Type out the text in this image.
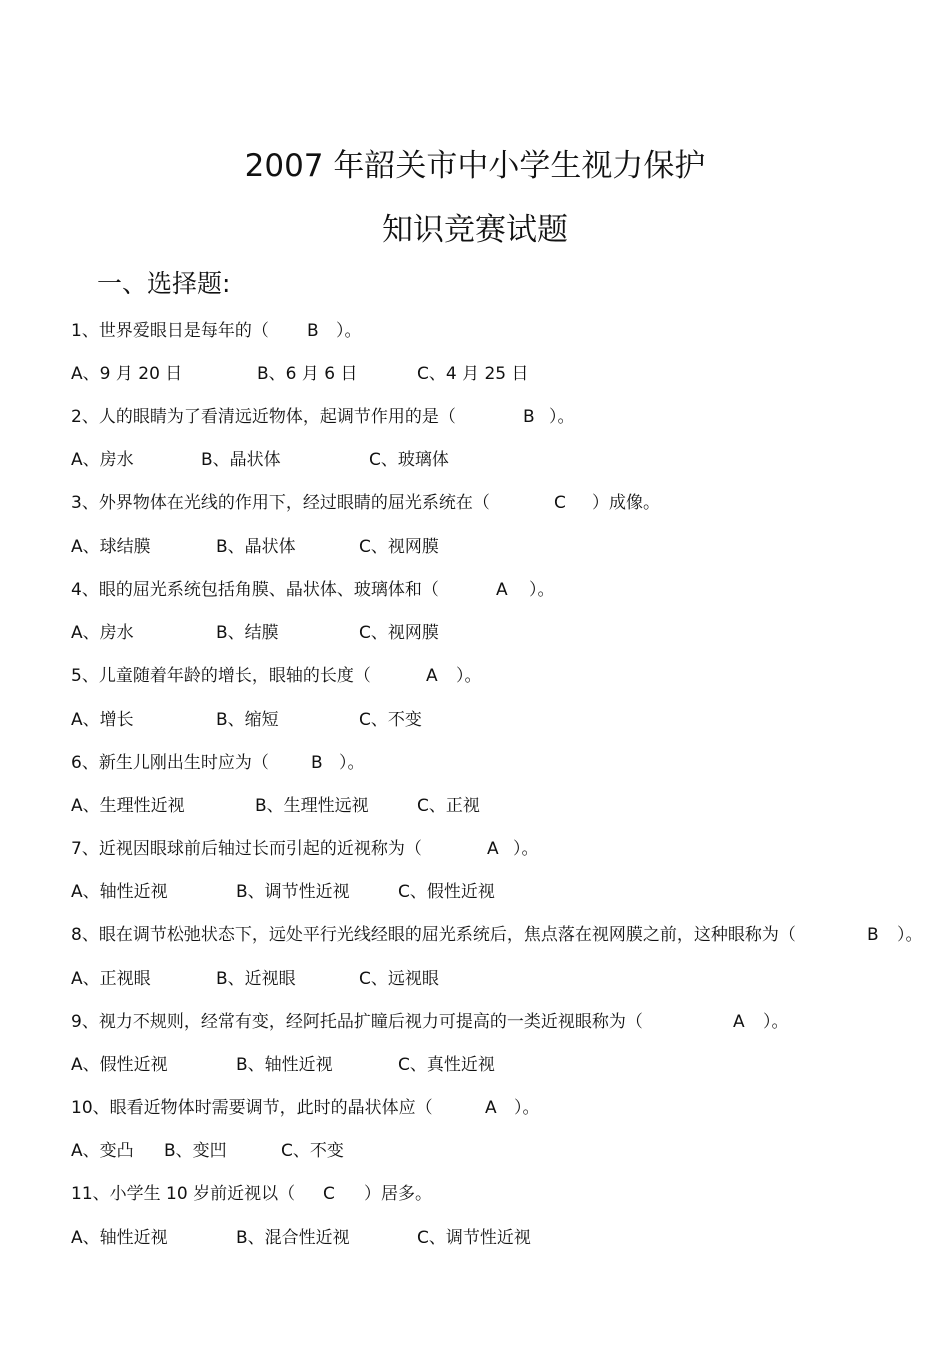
2007 年韶关市中小学生视力保护
知识竞赛试题
一、选择题:
1、世界爱眼日是每年的（ B ）。
A、9 月 20 日	B、6 月 6 日	C、4 月 25 日
2、人的眼睛为了看清远近物体，起调节作用的是（	B ）。
A、房水	B、晶状体	C、玻璃体
3、外界物体在光线的作用下，经过眼睛的屈光系统在（	C ）成像。
A、球结膜	B、晶状体	C、视网膜
4、眼的屈光系统包括角膜、晶状体、玻璃体和（	A ）。
A、房水	B、结膜	C、视网膜
5、儿童随着年龄的增长，眼轴的长度（	A ）。
A、增长	B、缩短	C、不变
6、新生儿刚出生时应为（ B ）。
A、生理性近视	B、生理性远视	C、正视
7、近视因眼球前后轴过长而引起的近视称为（	A ）。
A、轴性近视	B、调节性近视	C、假性近视
8、眼在调节松弛状态下，远处平行光线经眼的屈光系统后，焦点落在视网膜之前，这种眼称为（	B ）。
A、正视眼	B、近视眼	C、远视眼
9、视力不规则，经常有变，经阿托品扩瞳后视力可提高的一类近视眼称为（	A ）。
A、假性近视	B、轴性近视	C、真性近视
10、眼看近物体时需要调节，此时的晶状体应（	A ）。
A、变凸 B、变凹	C、不变
11、小学生 10 岁前近视以（ C ）居多。
A、轴性近视	B、混合性近视	C、调节性近视
